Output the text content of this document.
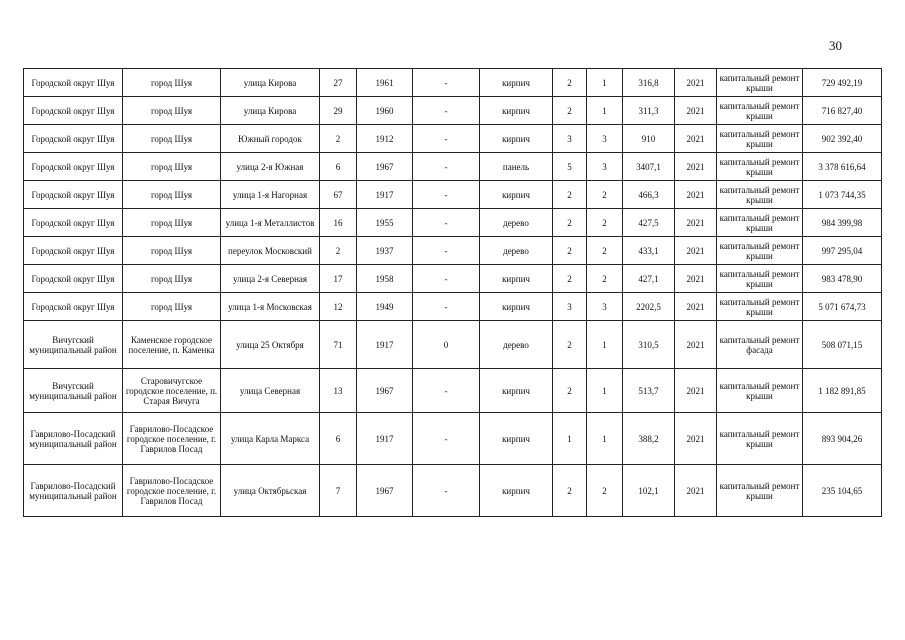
30
Городской округ Шуя	город Шуя	улица Кирова	27	1961	-	кирпич	2	1	316,8	2021	капитальный ремонт крыши	729 492,19
Городской округ Шуя	город Шуя	улица Кирова	29	1960	-	кирпич	2	1	311,3	2021	капитальный ремонт крыши	716 827,40
Городской округ Шуя	город Шуя	Южный городок	2	1912	-	кирпич	3	3	910	2021	капитальный ремонт крыши	902 392,40
Городской округ Шуя	город Шуя	улица 2-я Южная	6	1967	-	панель	5	3	3407,1	2021	капитальный ремонт крыши	3 378 616,64
Городской округ Шуя	город Шуя	улица 1-я Нагорная	67	1917	-	кирпич	2	2	466,3	2021	капитальный ремонт крыши	1 073 744,35
Городской округ Шуя	город Шуя	улица 1-я Металлистов	16	1955	-	дерево	2	2	427,5	2021	капитальный ремонт крыши	984 399,98
Городской округ Шуя	город Шуя	переулок Московский	2	1937	-	дерево	2	2	433,1	2021	капитальный ремонт крыши	997 295,04
Городской округ Шуя	город Шуя	улица 2-я Северная	17	1958	-	кирпич	2	2	427,1	2021	капитальный ремонт крыши	983 478,90
Городской округ Шуя	город Шуя	улица 1-я Московская	12	1949	-	кирпич	3	3	2202,5	2021	капитальный ремонт крыши	5 071 674,73
Вичугский муниципальный район	Каменское городское поселение, п. Каменка	улица 25 Октября	71	1917	0	дерево	2	1	310,5	2021	капитальный ремонт фасада	508 071,15
Вичугский муниципальный район	Старовичугское городское поселение, п. Старая Вичуга	улица Северная	13	1967	-	кирпич	2	1	513,7	2021	капитальный ремонт крыши	1 182 891,85
Гаврилово-Посадский муниципальный район	Гаврилово-Посадское городское поселение, г. Гаврилов Посад	улица Карла Маркса	6	1917	-	кирпич	1	1	388,2	2021	капитальный ремонт крыши	893 904,26
Гаврилово-Посадский муниципальный район	Гаврилово-Посадское городское поселение, г. Гаврилов Посад	улица Октябрьская	7	1967	-	кирпич	2	2	102,1	2021	капитальный ремонт крыши	235 104,65
